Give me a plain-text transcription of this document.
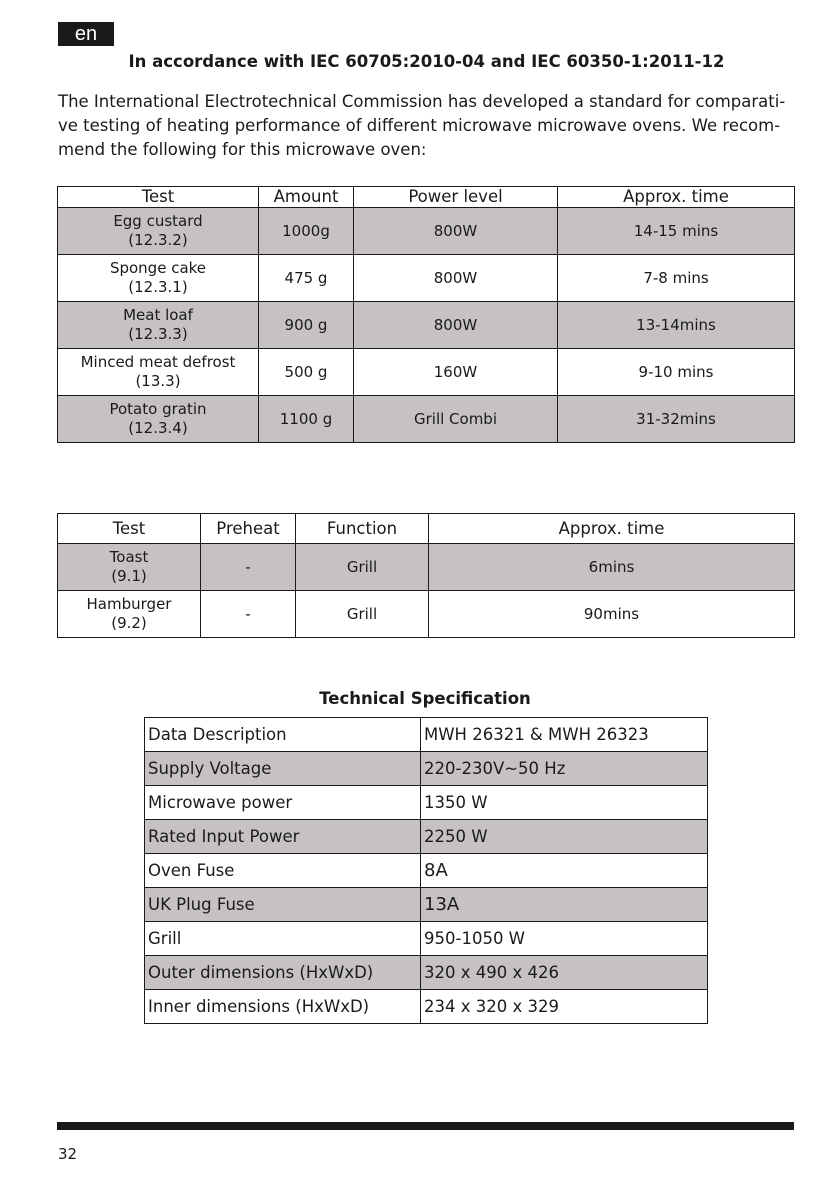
en
In accordance with IEC 60705:2010-04 and IEC 60350-1:2011-12

The International Electrotechnical Commission has developed a standard for comparati-
ve testing of heating performance of different microwave microwave ovens. We recom-
mend the following for this microwave oven:

Test	Amount	Power level	Approx. time

Egg custard
(12.3.2)	1000g	800W	14-15 mins

Sponge cake
(12.3.1)	475 g	800W	7-8 mins

Meat loaf
(12.3.3)	900 g	800W	13-14mins

Minced meat defrost
(13.3)	500 g	160W	9-10 mins

Potato gratin
(12.3.4)	1100 g	Grill Combi	31-32mins
Test	Preheat	Function	Approx. time

Toast
(9.1)	-	Grill	6mins

Hamburger
(9.2)	-	Grill	90mins
Technical Specification
Data Description	MWH 26321 & MWH 26323
Supply Voltage	220-230V~50 Hz
Microwave power	1350 W
Rated Input Power	2250 W
Oven Fuse	8A
UK Plug Fuse	13A
Grill	950-1050 W
Outer dimensions (HxWxD)	320 x 490 x 426
Inner dimensions (HxWxD)	234 x 320 x 329
32
